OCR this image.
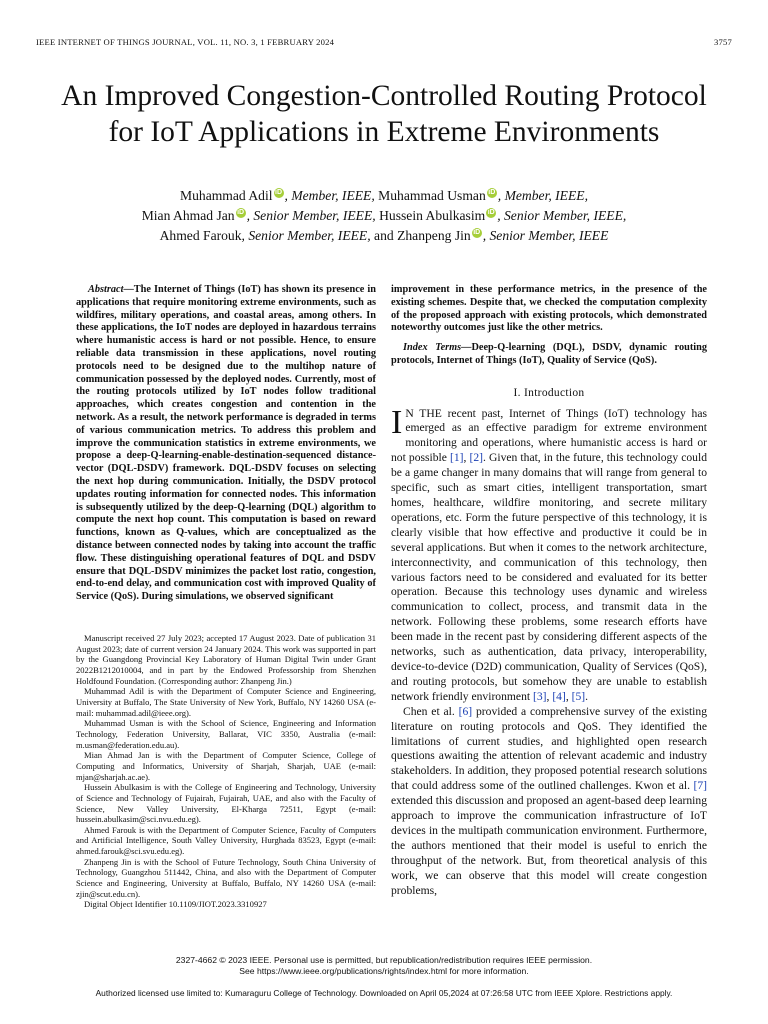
IEEE INTERNET OF THINGS JOURNAL, VOL. 11, NO. 3, 1 FEBRUARY 2024	3757
An Improved Congestion-Controlled Routing Protocol for IoT Applications in Extreme Environments
Muhammad Adil iD , Member, IEEE, Muhammad Usman iD , Member, IEEE,
Mian Ahmad Jan iD , Senior Member, IEEE, Hussein Abulkasim iD , Senior Member, IEEE,
Ahmed Farouk, Senior Member, IEEE, and Zhanpeng Jin iD , Senior Member, IEEE

Abstract—The Internet of Things (IoT) has shown its presence in applications that require monitoring extreme environments, such as wildfires, military operations, and coastal areas, among others. In these applications, the IoT nodes are deployed in hazardous terrains where humanistic access is hard or not possible. Hence, to ensure reliable data transmission in these applications, novel routing protocols need to be designed due to the multihop nature of communication possessed by the deployed nodes. Currently, most of the routing protocols utilized by IoT nodes follow traditional approaches, which creates congestion and contention in the network. As a result, the network performance is degraded in terms of various communication metrics. To address this problem and improve the communication statistics in extreme environments, we propose a deep-Q-learning-enable-destination-sequenced distance-vector (DQL-DSDV) framework. DQL-DSDV focuses on selecting the next hop during communication. Initially, the DSDV protocol updates routing information for connected nodes. This information is subsequently utilized by the deep-Q-learning (DQL) algorithm to compute the next hop count. This computation is based on reward functions, known as Q-values, which are conceptualized as the distance between connected nodes by taking into account the traffic flow. These distinguishing operational features of DQL and DSDV ensure that DQL-DSDV minimizes the packet lost ratio, congestion, end-to-end delay, and communication cost with improved Quality of Service (QoS). During simulations, we observed significant

Manuscript received 27 July 2023; accepted 17 August 2023. Date of publication 31 August 2023; date of current version 24 January 2024. This work was supported in part by the Guangdong Provincial Key Laboratory of Human Digital Twin under Grant 2022B1212010004, and in part by the Endowed Professorship from Shenzhen Holdfound Foundation. (Corresponding author: Zhanpeng Jin.)

Muhammad Adil is with the Department of Computer Science and Engineering, University at Buffalo, The State University of New York, Buffalo, NY 14260 USA (e-mail: muhammad.adil@ieee.org).

Muhammad Usman is with the School of Science, Engineering and Information Technology, Federation University, Ballarat, VIC 3350, Australia (e-mail: m.usman@federation.edu.au).

Mian Ahmad Jan is with the Department of Computer Science, College of Computing and Informatics, University of Sharjah, Sharjah, UAE (e-mail: mjan@sharjah.ac.ae).

Hussein Abulkasim is with the College of Engineering and Technology, University of Science and Technology of Fujairah, Fujairah, UAE, and also with the Faculty of Science, New Valley University, El-Kharga 72511, Egypt (e-mail: hussein.abulkasim@sci.nvu.edu.eg).

Ahmed Farouk is with the Department of Computer Science, Faculty of Computers and Artificial Intelligence, South Valley University, Hurghada 83523, Egypt (e-mail: ahmed.farouk@sci.svu.edu.eg).

Zhanpeng Jin is with the School of Future Technology, South China University of Technology, Guangzhou 511442, China, and also with the Department of Computer Science and Engineering, University at Buffalo, Buffalo, NY 14260 USA (e-mail: zjin@scut.edu.cn).

Digital Object Identifier 10.1109/JIOT.2023.3310927

improvement in these performance metrics, in the presence of the existing schemes. Despite that, we checked the computation complexity of the proposed approach with existing protocols, which demonstrated noteworthy outcomes just like the other metrics.

Index Terms—Deep-Q-learning (DQL), DSDV, dynamic routing protocols, Internet of Things (IoT), Quality of Service (QoS).

I. Introduction

I N THE recent past, Internet of Things (IoT) technology has emerged as an effective paradigm for extreme environment monitoring and operations, where humanistic access is hard or not possible [1], [2]. Given that, in the future, this technology could be a game changer in many domains that will range from general to specific, such as smart cities, intelligent transportation, smart homes, healthcare, wildfire monitoring, and secrete military operations, etc. Form the future perspective of this technology, it is clearly visible that how effective and productive it could be in several applications. But when it comes to the network architecture, interconnectivity, and communication of this technology, then various factors need to be considered and evaluated for its better operation. Because this technology uses dynamic and wireless communication to collect, process, and transmit data in the network. Following these problems, some research efforts have been made in the recent past by considering different aspects of the networks, such as authentication, data privacy, interoperability, device-to-device (D2D) communication, Quality of Services (QoS), and routing protocols, but somehow they are unable to establish network friendly environment [3], [4], [5].

Chen et al. [6] provided a comprehensive survey of the existing literature on routing protocols and QoS. They identified the limitations of current studies, and highlighted open research questions awaiting the attention of relevant academic and industry stakeholders. In addition, they proposed potential research solutions that could address some of the outlined challenges. Kwon et al. [7] extended this discussion and proposed an agent-based deep learning approach to improve the communication infrastructure of IoT devices in the multipath communication environment. Furthermore, the authors mentioned that their model is useful to enrich the throughput of the network. But, from theoretical analysis of this work, we can observe that this model will create congestion problems,

2327-4662 © 2023 IEEE. Personal use is permitted, but republication/redistribution requires IEEE permission.
See https://www.ieee.org/publications/rights/index.html for more information.
Authorized licensed use limited to: Kumaraguru College of Technology. Downloaded on April 05,2024 at 07:26:58 UTC from IEEE Xplore. Restrictions apply.
